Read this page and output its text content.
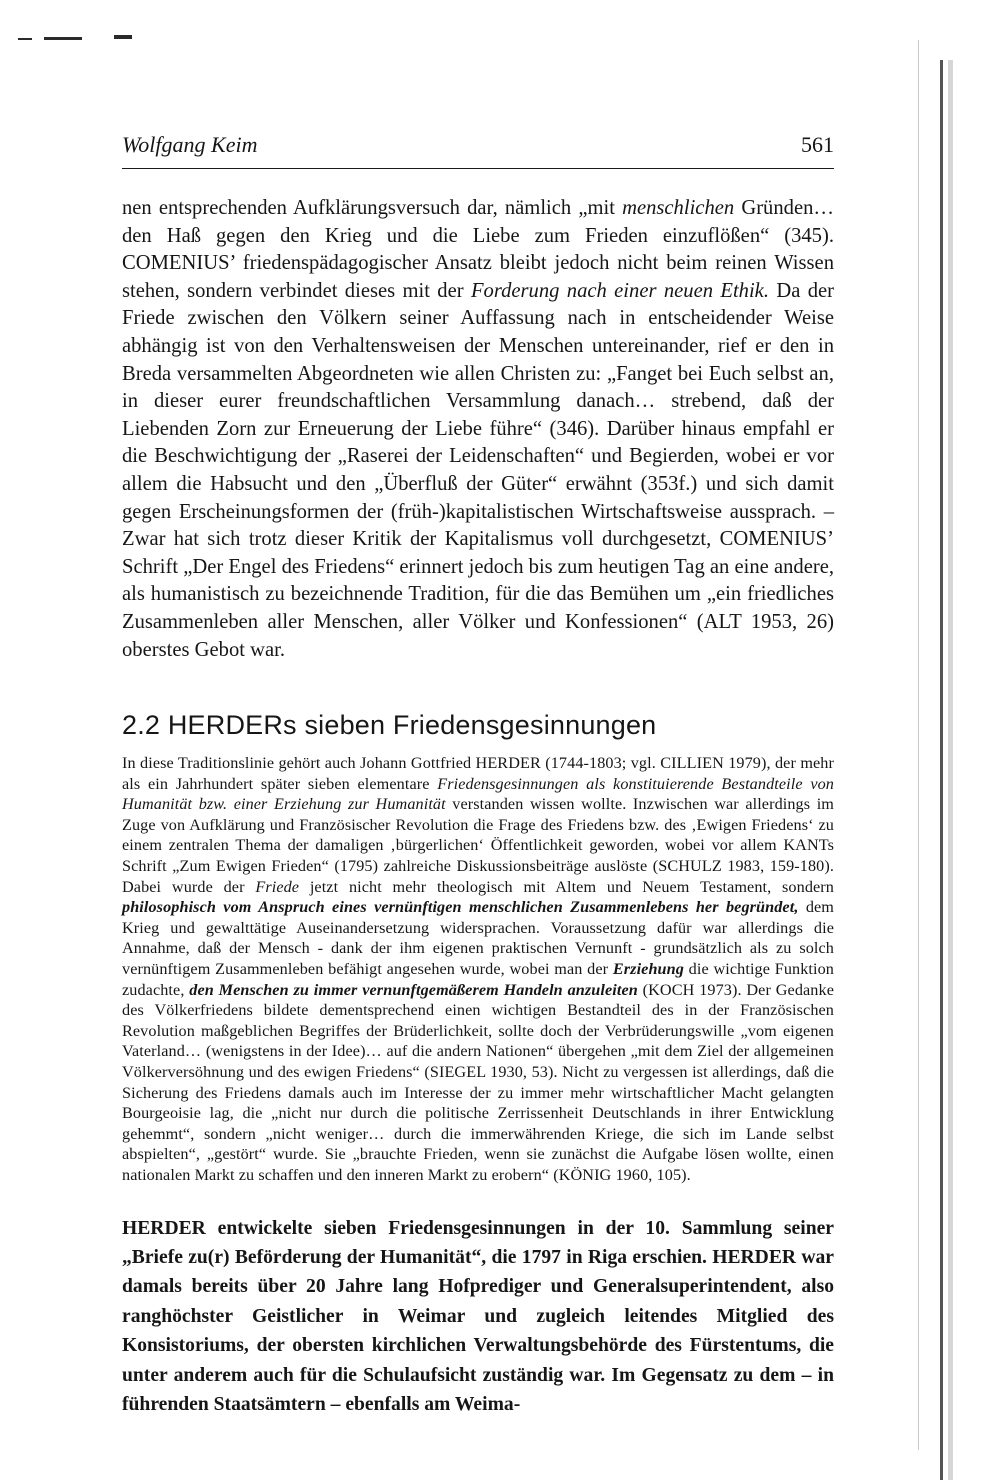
Wolfgang Keim	561

nen entsprechenden Aufklärungsversuch dar, nämlich „mit menschlichen Gründen… den Haß gegen den Krieg und die Liebe zum Frieden einzuflößen“ (345). COMENIUS’ friedenspädagogischer Ansatz bleibt jedoch nicht beim reinen Wissen stehen, sondern verbindet dieses mit der Forderung nach einer neuen Ethik. Da der Friede zwischen den Völkern seiner Auffassung nach in entscheidender Weise abhängig ist von den Verhaltensweisen der Menschen untereinander, rief er den in Breda versammelten Abgeordneten wie allen Christen zu: „Fanget bei Euch selbst an, in dieser eurer freundschaftlichen Versammlung danach… strebend, daß der Liebenden Zorn zur Erneuerung der Liebe führe“ (346). Darüber hinaus empfahl er die Beschwichtigung der „Raserei der Leidenschaften“ und Begierden, wobei er vor allem die Habsucht und den „Überfluß der Güter“ erwähnt (353f.) und sich damit gegen Erscheinungsformen der (früh-)kapitalistischen Wirtschaftsweise aussprach. – Zwar hat sich trotz dieser Kritik der Kapitalismus voll durchgesetzt, COMENIUS’ Schrift „Der Engel des Friedens“ erinnert jedoch bis zum heutigen Tag an eine andere, als humanistisch zu bezeichnende Tradition, für die das Bemühen um „ein friedliches Zusammenleben aller Menschen, aller Völker und Konfessionen“ (ALT 1953, 26) oberstes Gebot war.

2.2 HERDERs sieben Friedensgesinnungen

In diese Traditionslinie gehört auch Johann Gottfried HERDER (1744-1803; vgl. CILLIEN 1979), der mehr als ein Jahrhundert später sieben elementare Friedensgesinnungen als konstituierende Bestandteile von Humanität bzw. einer Erziehung zur Humanität verstanden wissen wollte. Inzwischen war allerdings im Zuge von Aufklärung und Französischer Revolution die Frage des Friedens bzw. des ‚Ewigen Friedens‘ zu einem zentralen Thema der damaligen ‚bürgerlichen‘ Öffentlichkeit geworden, wobei vor allem KANTs Schrift „Zum Ewigen Frieden“ (1795) zahlreiche Diskussionsbeiträge auslöste (SCHULZ 1983, 159-180). Dabei wurde der Friede jetzt nicht mehr theologisch mit Altem und Neuem Testament, sondern philosophisch vom Anspruch eines vernünftigen menschlichen Zusammenlebens her begründet, dem Krieg und gewalttätige Auseinandersetzung widersprachen. Voraussetzung dafür war allerdings die Annahme, daß der Mensch - dank der ihm eigenen praktischen Vernunft - grundsätzlich als zu solch vernünftigem Zusammenleben befähigt angesehen wurde, wobei man der Erziehung die wichtige Funktion zudachte, den Menschen zu immer vernunftgemäßerem Handeln anzuleiten (KOCH 1973). Der Gedanke des Völkerfriedens bildete dementsprechend einen wichtigen Bestandteil des in der Französischen Revolution maßgeblichen Begriffes der Brüderlichkeit, sollte doch der Verbrüderungswille „vom eigenen Vaterland… (wenigstens in der Idee)… auf die andern Nationen“ übergehen „mit dem Ziel der allgemeinen Völkerversöhnung und des ewigen Friedens“ (SIEGEL 1930, 53). Nicht zu vergessen ist allerdings, daß die Sicherung des Friedens damals auch im Interesse der zu immer mehr wirtschaftlicher Macht gelangten Bourgeoisie lag, die „nicht nur durch die politische Zerrissenheit Deutschlands in ihrer Entwicklung gehemmt“, sondern „nicht weniger… durch die immerwährenden Kriege, die sich im Lande selbst abspielten“, „gestört“ wurde. Sie „brauchte Frieden, wenn sie zunächst die Aufgabe lösen wollte, einen nationalen Markt zu schaffen und den inneren Markt zu erobern“ (KÖNIG 1960, 105).

HERDER entwickelte sieben Friedensgesinnungen in der 10. Sammlung seiner „Briefe zu(r) Beförderung der Humanität“, die 1797 in Riga erschien. HERDER war damals bereits über 20 Jahre lang Hofprediger und Generalsuperintendent, also ranghöchster Geistlicher in Weimar und zugleich leitendes Mitglied des Konsistoriums, der obersten kirchlichen Verwaltungsbehörde des Fürstentums, die unter anderem auch für die Schulaufsicht zuständig war. Im Gegensatz zu dem – in führenden Staatsämtern – ebenfalls am Weima-
